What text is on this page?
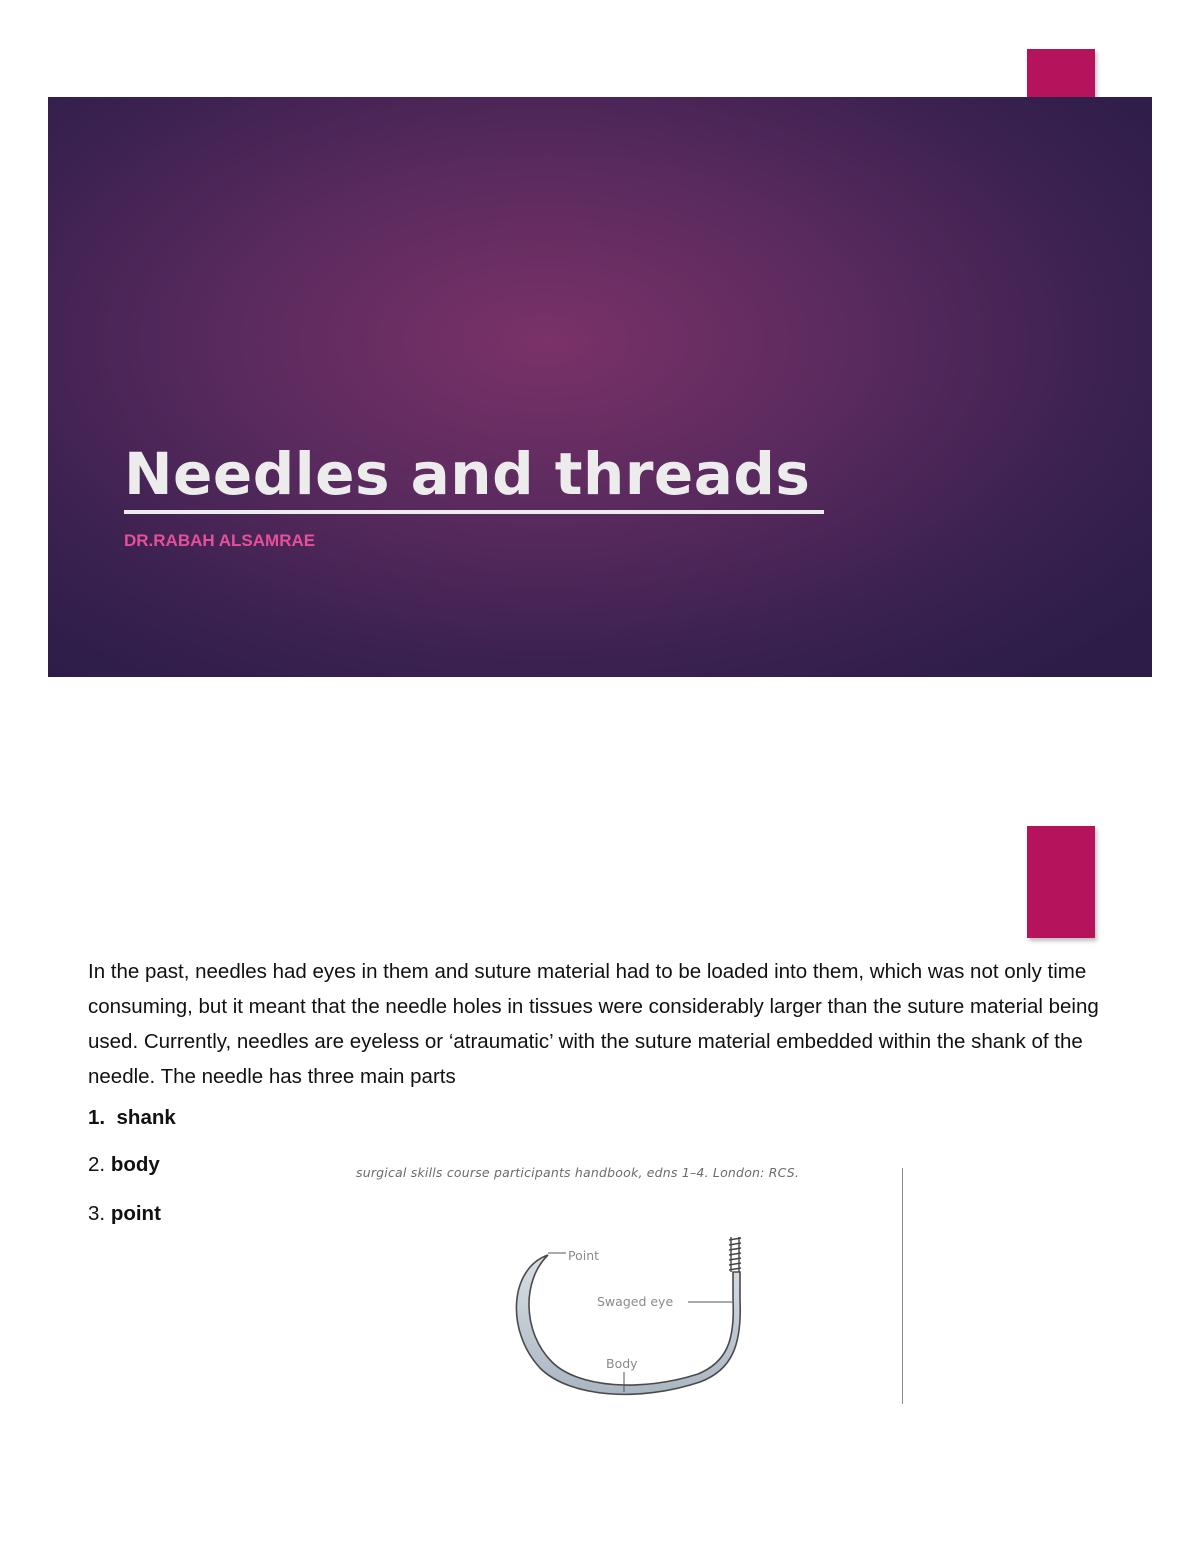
Needles and threads
DR.RABAH ALSAMRAE

In the past, needles had eyes in them and suture material had to be loaded into them, which was not only time consuming, but it meant that the needle holes in tissues were considerably larger than the suture material being used. Currently, needles are eyeless or ‘atraumatic’ with the suture material embedded within the shank of the needle. The needle has three main parts

1. shank
2. body
3. point
surgical skills course participants handbook, edns 1–4. London: RCS.
Point
Swaged eye
Body
